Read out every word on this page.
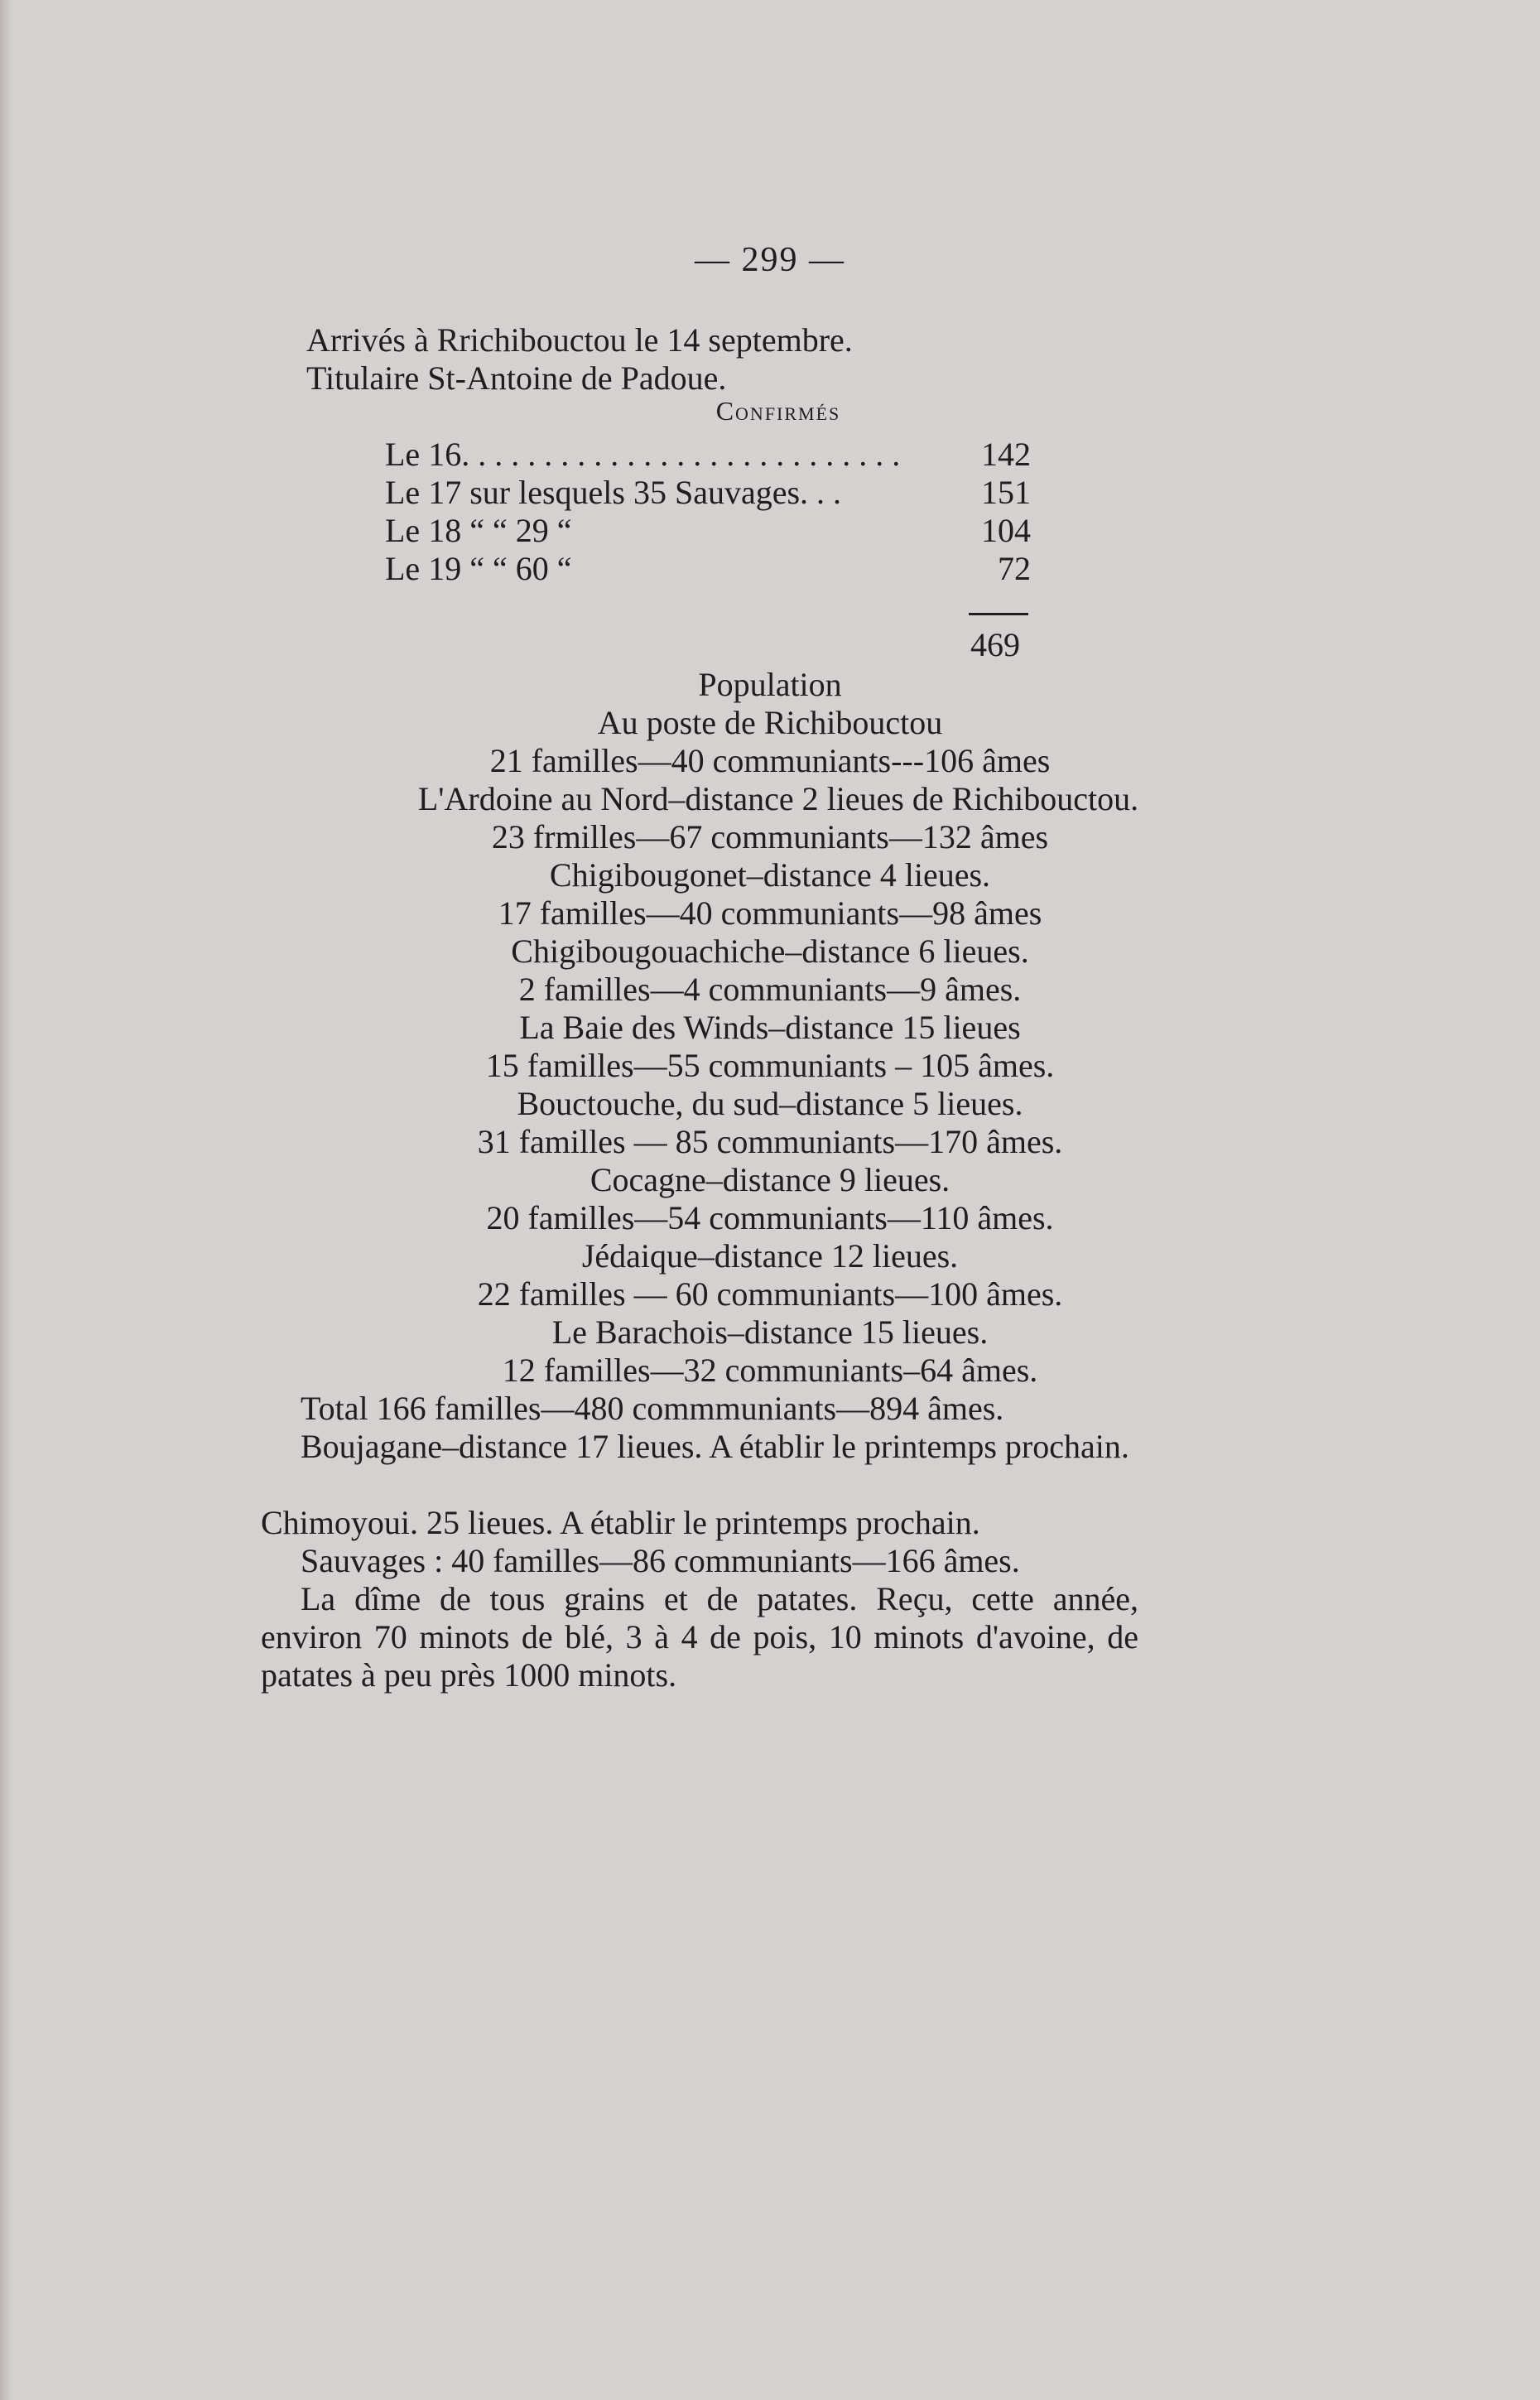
— 299 —
Arrivés à Rrichibouctou le 14 septembre.
Titulaire St-Antoine de Padoue.
Confirmés
Le 16. . . . . . . . . . . . . . . . . . . . . . . . . . . 142
Le 17 sur lesquels 35 Sauvages. . .	151
Le 18 “ “ 29 “	104
Le 19 “ “ 60 “	72
469
Population
Au poste de Richibouctou
21 familles—40 communiants---106 âmes
L'Ardoine au Nord–distance 2 lieues de Richibouctou.
23 frmilles—67 communiants—132 âmes
Chigibougonet–distance 4 lieues.
17 familles—40 communiants—98 âmes
Chigibougouachiche–distance 6 lieues.
2 familles—4 communiants—9 âmes.
La Baie des Winds–distance 15 lieues
15 familles—55 communiants – 105 âmes.
Bouctouche, du sud–distance 5 lieues.
31 familles — 85 communiants—170 âmes.
Cocagne–distance 9 lieues.
20 familles—54 communiants—110 âmes.
Jédaique–distance 12 lieues.
22 familles — 60 communiants—100 âmes.
Le Barachois–distance 15 lieues.
12 familles—32 communiants–64 âmes.
Total 166 familles—480 commmuniants—894 âmes.
Boujagane–distance 17 lieues. A établir le printemps prochain.
Chimoyoui. 25 lieues. A établir le printemps prochain.
Sauvages : 40 familles—86 communiants—166 âmes.
La dîme de tous grains et de patates. Reçu, cette année, environ 70 minots de blé, 3 à 4 de pois, 10 minots d'avoine, de patates à peu près 1000 minots.
